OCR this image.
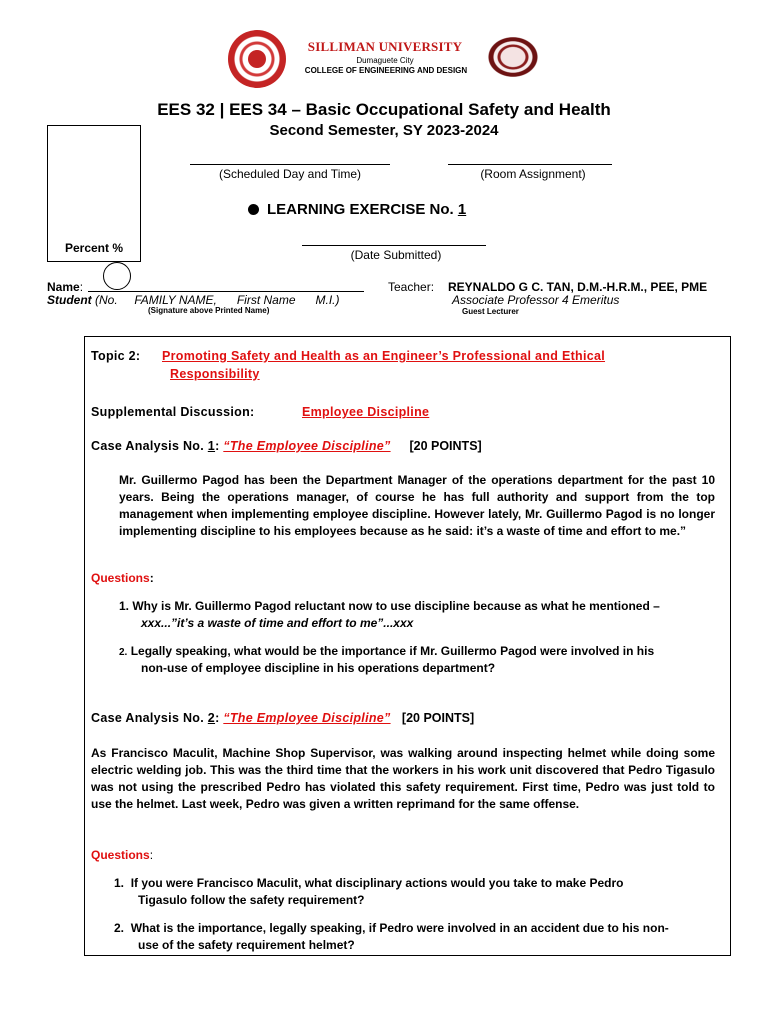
SILLIMAN UNIVERSITY
Dumaguete City
COLLEGE OF ENGINEERING AND DESIGN
EES 32 | EES 34 – Basic Occupational Safety and Health
Second Semester, SY 2023-2024
Percent %
(Scheduled Day and Time)	(Room Assignment)
LEARNING EXERCISE No. 1
(Date Submitted)
Name:
Student (No.     FAMILY NAME,      First Name      M.I.)
(Signature above Printed Name)
Teacher: REYNALDO G C. TAN, D.M.-H.R.M., PEE, PME
Associate Professor 4 Emeritus
Guest Lecturer
Topic 2: Promoting Safety and Health as an Engineer’s Professional and Ethical
Responsibility
Supplemental Discussion:	Employee Discipline
Case Analysis No. 1: “The Employee Discipline” [20 POINTS]
Mr. Guillermo Pagod has been the Department Manager of the operations department for the past 10 years. Being the operations manager, of course he has full authority and support from the top management when implementing employee discipline. However lately, Mr. Guillermo Pagod is no longer implementing discipline to his employees because as he said: it’s a waste of time and effort to me.”
Questions:
1. Why is Mr. Guillermo Pagod reluctant now to use discipline because as what he mentioned –
xxx...”it’s a waste of time and effort to me”...xxx
2. Legally speaking, what would be the importance if Mr. Guillermo Pagod were involved in his
non-use of employee discipline in his operations department?
Case Analysis No. 2: “The Employee Discipline” [20 POINTS]
As Francisco Maculit, Machine Shop Supervisor, was walking around inspecting helmet while doing some electric welding job. This was the third time that the workers in his work unit discovered that Pedro Tigasulo was not using the prescribed Pedro has violated this safety requirement. First time, Pedro was just told to use the helmet. Last week, Pedro was given a written reprimand for the same offense.
Questions:
1. If you were Francisco Maculit, what disciplinary actions would you take to make Pedro
Tigasulo follow the safety requirement?
2. What is the importance, legally speaking, if Pedro were involved in an accident due to his non-
use of the safety requirement helmet?
